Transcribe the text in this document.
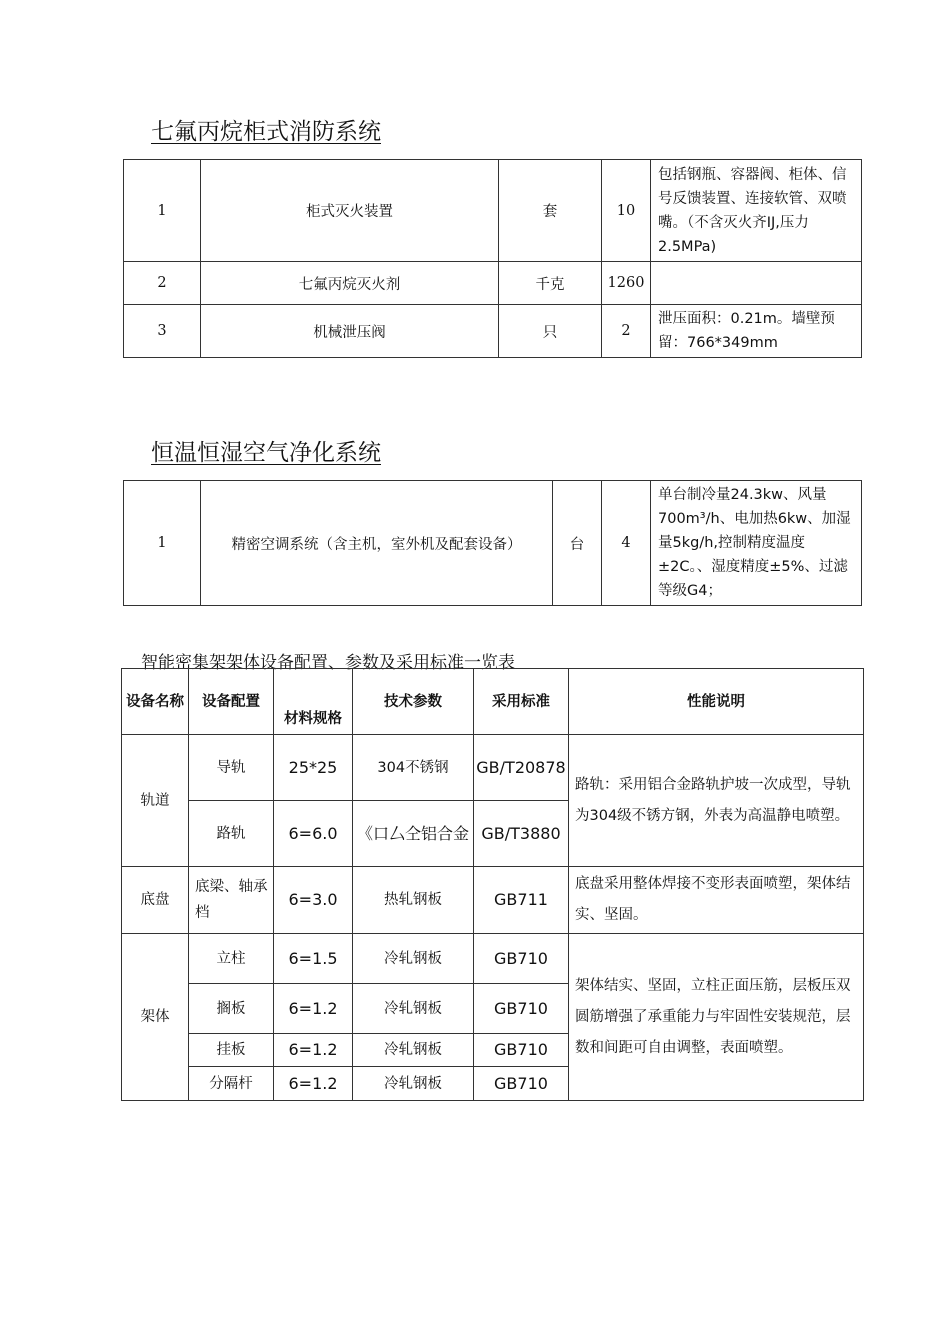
七氟丙烷柜式消防系统
1	柜式灭火装置	套	10	包括钢瓶、容器阀、柜体、信号反馈装置、连接软管、双喷嘴。（不含灭火齐IJ,压力2.5MPa)
2	七氟丙烷灭火剂	千克	1260	
3	机械泄压阀	只	2	泄压面积：0.21m。墙壁预留：766*349mm
恒温恒湿空气净化系统
1	精密空调系统（含主机，室外机及配套设备）	台	4	单台制冷量24.3kw、风量700m³/h、电加热6kw、加湿量5kg/h,控制精度温度±2C。、湿度精度±5%、过滤等级G4；
智能密集架架体设备配置、参数及采用标准一览表
设备名称	设备配置	材料规格	技术参数	采用标准	性能说明
轨道	导轨	25*25	304不锈钢	GB/T20878	路轨：采用铝合金路轨护坡一次成型，导轨为304级不锈方钢，外表为高温静电喷塑。
	路轨	6=6.0	《口厶仝铝合金	GB/T3880	
底盘	底梁、轴承档	6=3.0	热轧钢板	GB711	底盘采用整体焊接不变形表面喷塑，架体结实、坚固。
架体	立柱	6=1.5	冷轧钢板	GB710	架体结实、坚固，立柱正面压筋，层板压双圆筋增强了承重能力与牢固性安装规范，层数和间距可自由调整，表面喷塑。
	搁板	6=1.2	冷轧钢板	GB710	
	挂板	6=1.2	冷轧钢板	GB710	
	分隔杆	6=1.2	冷轧钢板	GB710	
